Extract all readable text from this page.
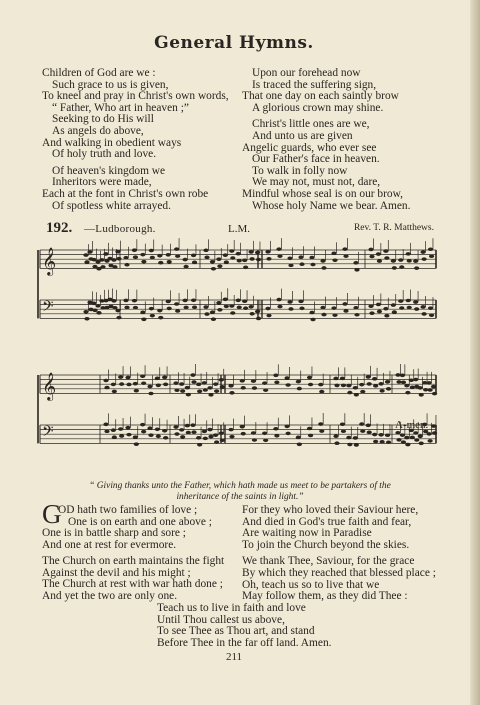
General Hymns.
Children of God are we :
Such grace to us is given,
To kneel and pray in Christ's own words,
“ Father, Who art in heaven ;”
Seeking to do His will
As angels do above,
And walking in obedient ways
Of holy truth and love.
Of heaven's kingdom we
Inheritors were made,
Each at the font in Christ's own robe
Of spotless white arrayed.
Upon our forehead now
Is traced the suffering sign,
That one day on each saintly brow
A glorious crown may shine.
Christ's little ones are we,
And unto us are given
Angelic guards, who ever see
Our Father's face in heaven.
To walk in folly now
We may not, must not, dare,
Mindful whose seal is on our brow,
Whose holy Name we bear. Amen.
192. —Ludborough.	L.M.	Rev. T. R. Matthews.
𝄞
𝄢
𝄞
𝄢	A-men.
“ Giving thanks unto the Father, which hath made us meet to be partakers of the
inheritance of the saints in light.”
G
OD hath two families of love ;
One is on earth and one above ;
One is in battle sharp and sore ;
And one at rest for evermore.
The Church on earth maintains the fight
Against the devil and his might ;
The Church at rest with war hath done ;
And yet the two are only one.
For they who loved their Saviour here,
And died in God's true faith and fear,
Are waiting now in Paradise
To join the Church beyond the skies.
We thank Thee, Saviour, for the grace
By which they reached that blessed place ;
Oh, teach us so to live that we
May follow them, as they did Thee :
Teach us to live in faith and love
Until Thou callest us above,
To see Thee as Thou art, and stand
Before Thee in the far off land. Amen.
211
